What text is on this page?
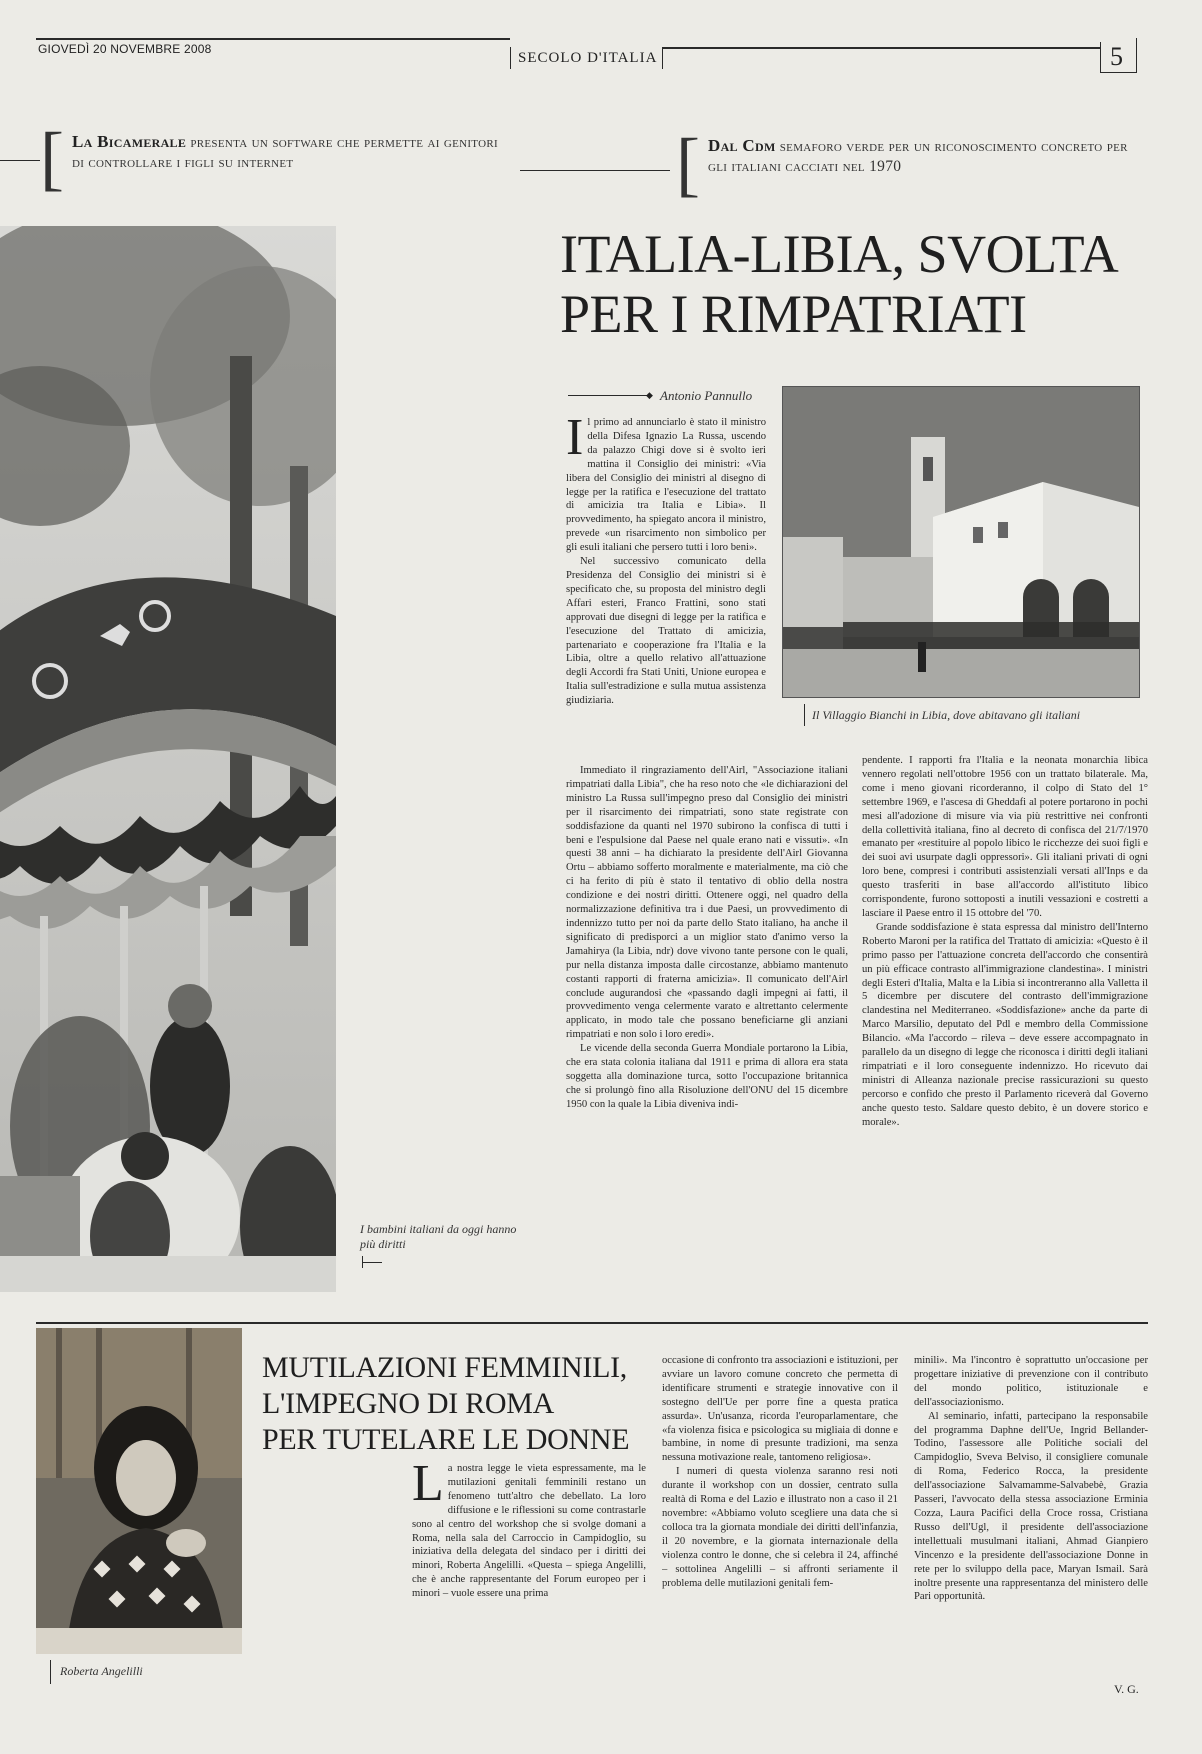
GIOVEDÌ 20 NOVEMBRE 2008
SECOLO D'ITALIA	5
[ La Bicamerale presenta un software che permette ai genitori di controllare i figli su internet	[ Dal Cdm semaforo verde per un riconoscimento concreto per gli italiani cacciati nel 1970
I bambini italiani da oggi hanno più diritti
ITALIA-LIBIA, SVOLTA
PER I RIMPATRIATI
◆ Antonio Pannullo
Il Villaggio Bianchi in Libia, dove abitavano gli italiani

Il primo ad annunciarlo è stato il ministro della Difesa Ignazio La Russa, uscendo da palazzo Chigi dove si è svolto ieri mattina il Consiglio dei ministri: «Via libera del Consiglio dei ministri al disegno di legge per la ratifica e l'esecuzione del trattato di amicizia tra Italia e Libia». Il provvedimento, ha spiegato ancora il ministro, prevede «un risarcimento non simbolico per gli esuli italiani che persero tutti i loro beni».

Nel successivo comunicato della Presidenza del Consiglio dei ministri si è specificato che, su proposta del ministro degli Affari esteri, Franco Frattini, sono stati approvati due disegni di legge per la ratifica e l'esecuzione del Trattato di amicizia, partenariato e cooperazione fra l'Italia e la Libia, oltre a quello relativo all'attuazione degli Accordi fra Stati Uniti, Unione europea e Italia sull'estradizione e sulla mutua assistenza giudiziaria.

Immediato il ringraziamento dell'Airl, "Associazione italiani rimpatriati dalla Libia", che ha reso noto che «le dichiarazioni del ministro La Russa sull'impegno preso dal Consiglio dei ministri per il risarcimento dei rimpatriati, sono state registrate con soddisfazione da quanti nel 1970 subirono la confisca di tutti i beni e l'espulsione dal Paese nel quale erano nati e vissuti». «In questi 38 anni – ha dichiarato la presidente dell'Airl Giovanna Ortu – abbiamo sofferto moralmente e materialmente, ma ciò che ci ha ferito di più è stato il tentativo di oblio della nostra condizione e dei nostri diritti. Ottenere oggi, nel quadro della normalizzazione definitiva tra i due Paesi, un provvedimento di indennizzo tutto per noi da parte dello Stato italiano, ha anche il significato di predisporci a un miglior stato d'animo verso la Jamahirya (la Libia, ndr) dove vivono tante persone con le quali, pur nella distanza imposta dalle circostanze, abbiamo mantenuto costanti rapporti di fraterna amicizia». Il comunicato dell'Airl conclude augurandosi che «passando dagli impegni ai fatti, il provvedimento venga celermente varato e altrettanto celermente applicato, in modo tale che possano beneficiarne gli anziani rimpatriati e non solo i loro eredi».

Le vicende della seconda Guerra Mondiale portarono la Libia, che era stata colonia italiana dal 1911 e prima di allora era stata soggetta alla dominazione turca, sotto l'occupazione britannica che si prolungò fino alla Risoluzione dell'ONU del 15 dicembre 1950 con la quale la Libia diveniva indi-

pendente. I rapporti fra l'Italia e la neonata monarchia libica vennero regolati nell'ottobre 1956 con un trattato bilaterale. Ma, come i meno giovani ricorderanno, il colpo di Stato del 1° settembre 1969, e l'ascesa di Gheddafi al potere portarono in pochi mesi all'adozione di misure via via più restrittive nei confronti della collettività italiana, fino al decreto di confisca del 21/7/1970 emanato per «restituire al popolo libico le ricchezze dei suoi figli e dei suoi avi usurpate dagli oppressori». Gli italiani privati di ogni loro bene, compresi i contributi assistenziali versati all'Inps e da questo trasferiti in base all'accordo all'istituto libico corrispondente, furono sottoposti a inutili vessazioni e costretti a lasciare il Paese entro il 15 ottobre del '70.

Grande soddisfazione è stata espressa dal ministro dell'Interno Roberto Maroni per la ratifica del Trattato di amicizia: «Questo è il primo passo per l'attuazione concreta dell'accordo che consentirà un più efficace contrasto all'immigrazione clandestina». I ministri degli Esteri d'Italia, Malta e la Libia si incontreranno alla Valletta il 5 dicembre per discutere del contrasto dell'immigrazione clandestina nel Mediterraneo. «Soddisfazione» anche da parte di Marco Marsilio, deputato del Pdl e membro della Commissione Bilancio. «Ma l'accordo – rileva – deve essere accompagnato in parallelo da un disegno di legge che riconosca i diritti degli italiani rimpatriati e il loro conseguente indennizzo. Ho ricevuto dai ministri di Alleanza nazionale precise rassicurazioni su questo percorso e confido che presto il Parlamento riceverà dal Governo anche questo testo. Saldare questo debito, è un dovere storico e morale».

Roberta Angelilli
MUTILAZIONI FEMMINILI,
L'IMPEGNO DI ROMA
PER TUTELARE LE DONNE

La nostra legge le vieta espressamente, ma le mutilazioni genitali femminili restano un fenomeno tutt'altro che debellato. La loro diffusione e le riflessioni su come contrastarle sono al centro del workshop che si svolge domani a Roma, nella sala del Carroccio in Campidoglio, su iniziativa della delegata del sindaco per i diritti dei minori, Roberta Angelilli. «Questa – spiega Angelilli, che è anche rappresentante del Forum europeo per i minori – vuole essere una prima

occasione di confronto tra associazioni e istituzioni, per avviare un lavoro comune concreto che permetta di identificare strumenti e strategie innovative con il sostegno dell'Ue per porre fine a questa pratica assurda». Un'usanza, ricorda l'europarlamentare, che «fa violenza fisica e psicologica su migliaia di donne e bambine, in nome di presunte tradizioni, ma senza nessuna motivazione reale, tantomeno religiosa».

I numeri di questa violenza saranno resi noti durante il workshop con un dossier, centrato sulla realtà di Roma e del Lazio e illustrato non a caso il 21 novembre: «Abbiamo voluto scegliere una data che si colloca tra la giornata mondiale dei diritti dell'infanzia, il 20 novembre, e la giornata internazionale della violenza contro le donne, che si celebra il 24, affinché – sottolinea Angelilli – si affronti seriamente il problema delle mutilazioni genitali fem-

minili». Ma l'incontro è soprattutto un'occasione per progettare iniziative di prevenzione con il contributo del mondo politico, istituzionale e dell'associazionismo.

Al seminario, infatti, partecipano la responsabile del programma Daphne dell'Ue, Ingrid Bellander-Todino, l'assessore alle Politiche sociali del Campidoglio, Sveva Belviso, il consigliere comunale di Roma, Federico Rocca, la presidente dell'associazione Salvamamme-Salvabebè, Grazia Passeri, l'avvocato della stessa associazione Erminia Cozza, Laura Pacifici della Croce rossa, Cristiana Russo dell'Ugl, il presidente dell'associazione intellettuali musulmani italiani, Ahmad Gianpiero Vincenzo e la presidente dell'associazione Donne in rete per lo sviluppo della pace, Maryan Ismail. Sarà inoltre presente una rappresentanza del ministero delle Pari opportunità.

V. G.
